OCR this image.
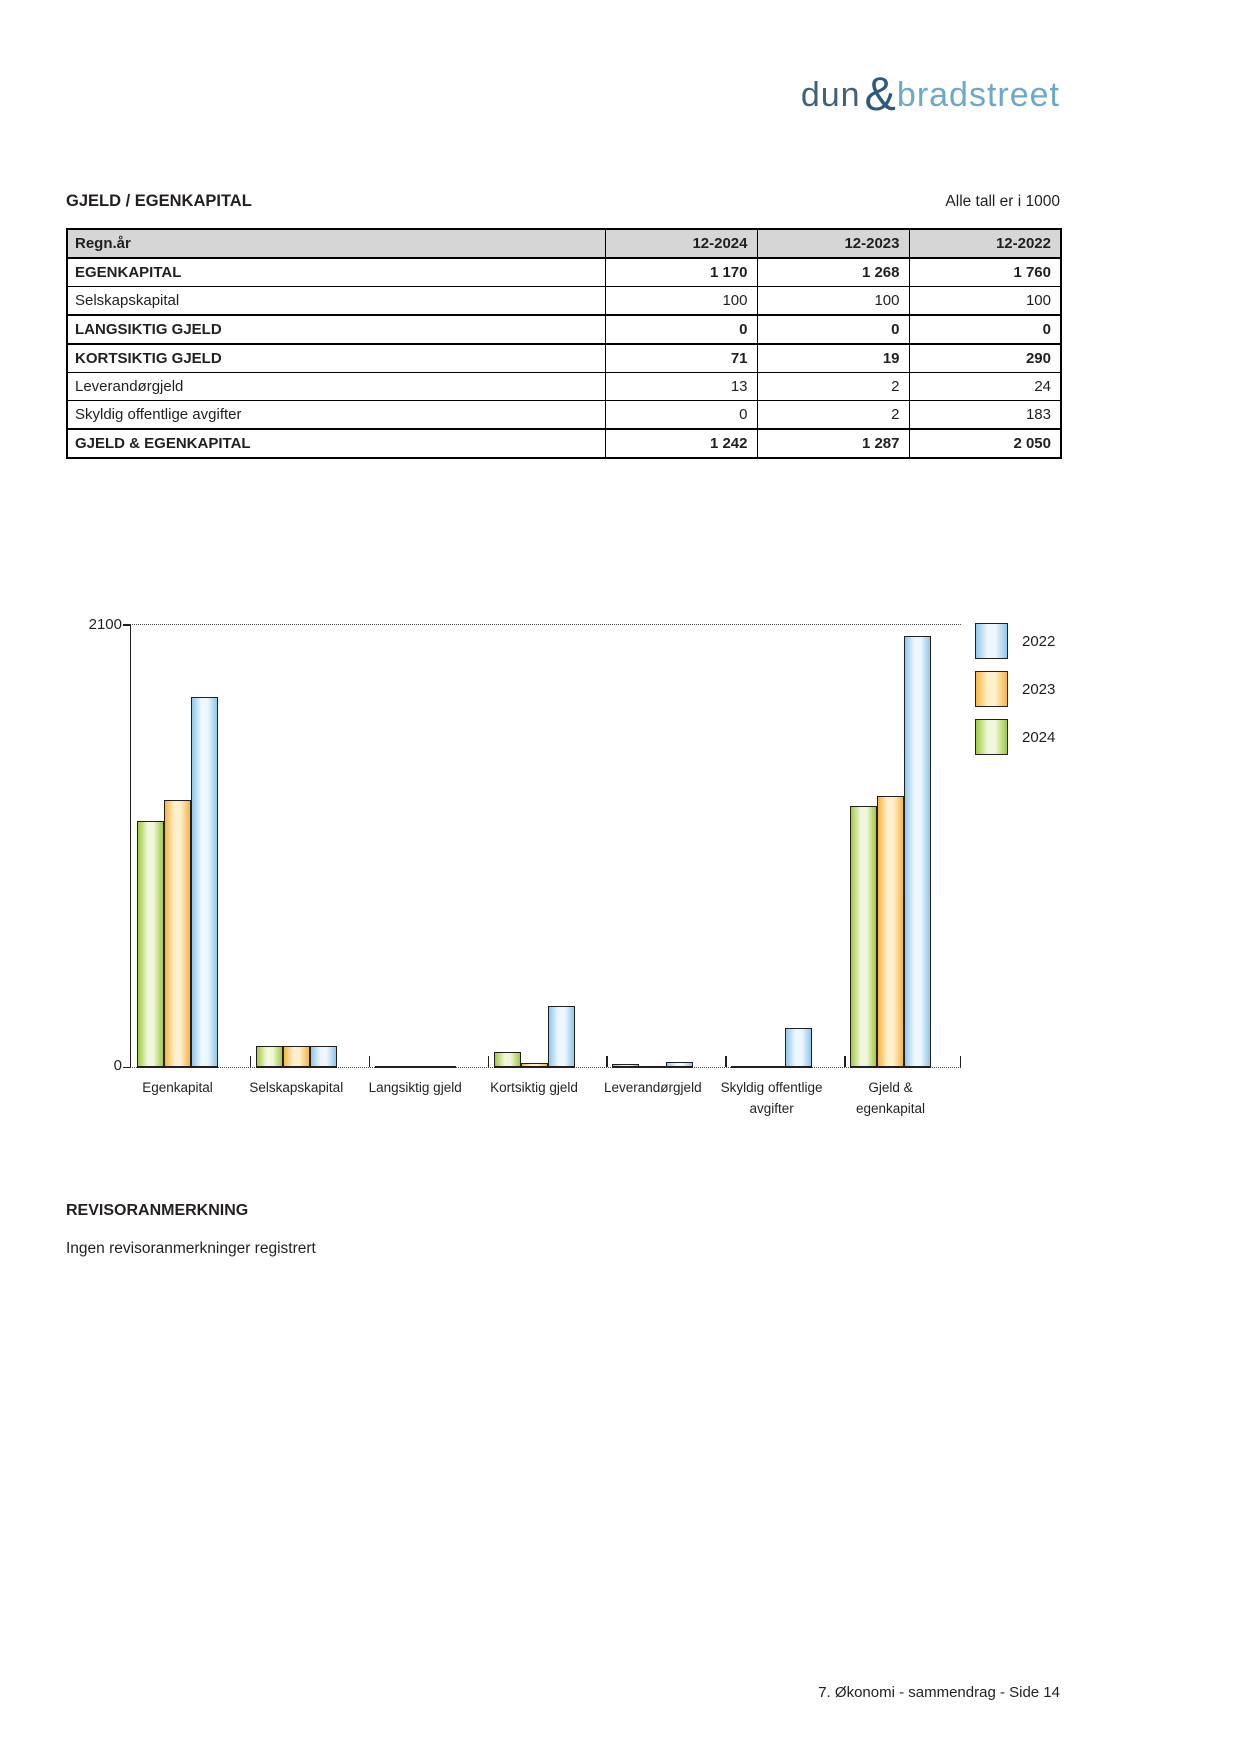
dun&bradstreet
GJELD / EGENKAPITAL	Alle tall er i 1000
Regn.år	12-2024	12-2023	12-2022
EGENKAPITAL	1 170	1 268	1 760
Selskapskapital	100	100	100
LANGSIKTIG GJELD	0	0	0
KORTSIKTIG GJELD	71	19	290
Leverandørgjeld	13	2	24
Skyldig offentlige avgifter	0	2	183
GJELD & EGENKAPITAL	1 242	1 287	2 050
2100
0
Egenkapital	Selskapskapital	Langsiktig gjeld	Kortsiktig gjeld	Leverandørgjeld	Skyldig offentlige
avgifter
Gjeld &
egenkapital
2022
2023
2024
REVISORANMERKNING
Ingen revisoranmerkninger registrert
7. Økonomi - sammendrag - Side 14
